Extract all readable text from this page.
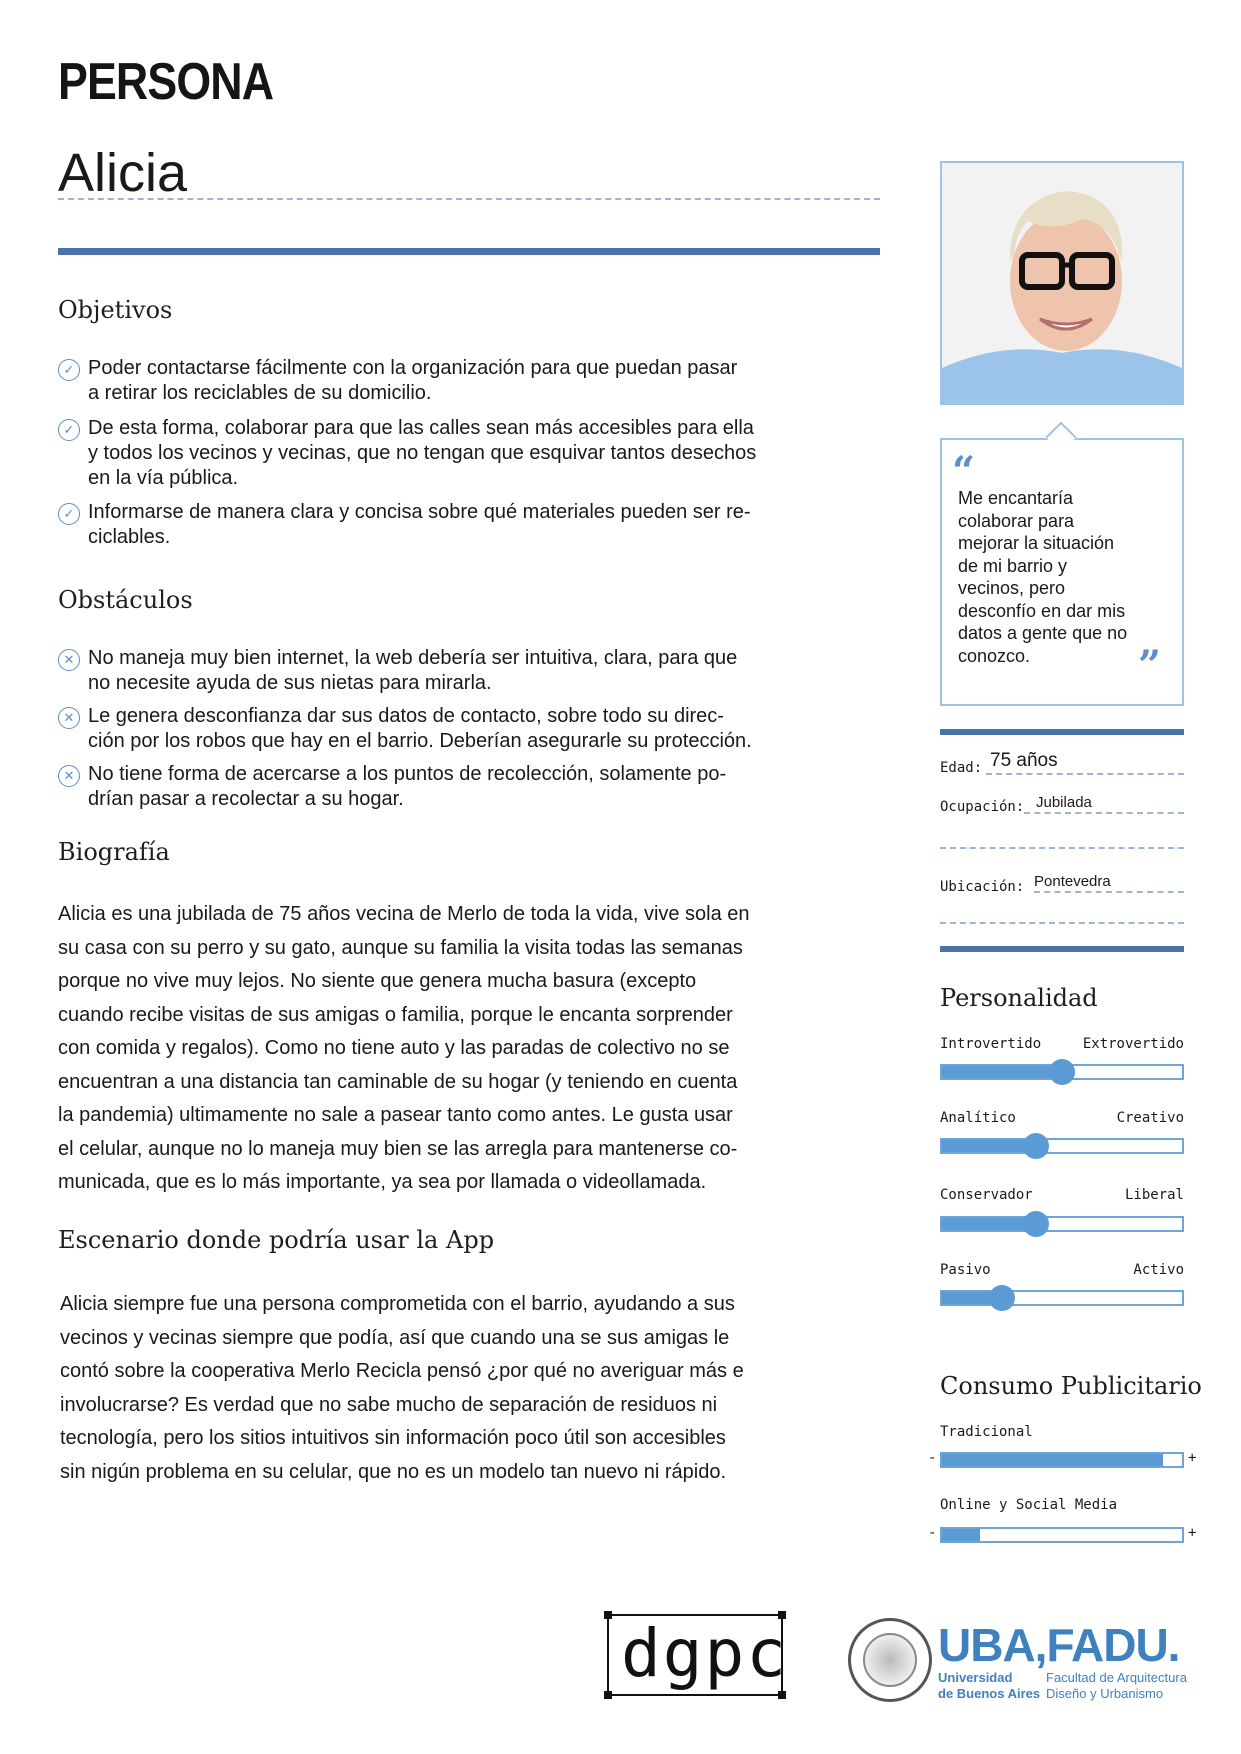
PERSONA
Alicia
Objetivos
✓ Poder contactarse fácilmente con la organización para que puedan pasar
a retirar los reciclables de su domicilio.
✓ De esta forma, colaborar para que las calles sean más accesibles para ella
y todos los vecinos y vecinas, que no tengan que esquivar tantos desechos
en la vía pública.
✓ Informarse de manera clara y concisa sobre qué materiales pueden ser re-
ciclables.
Obstáculos
✕ No maneja muy bien internet, la web debería ser intuitiva, clara, para que
no necesite ayuda de sus nietas para mirarla.
✕ Le genera desconfianza dar sus datos de contacto, sobre todo su direc-
ción por los robos que hay en el barrio. Deberían asegurarle su protección.
✕ No tiene forma de acercarse a los puntos de recolección, solamente po-
drían pasar a recolectar a su hogar.
Biografía
Alicia es una jubilada de 75 años vecina de Merlo de toda la vida, vive sola en
su casa con su perro y su gato, aunque su familia la visita todas las semanas
porque no vive muy lejos. No siente que genera mucha basura (excepto
cuando recibe visitas de sus amigas o familia, porque le encanta sorprender
con comida y regalos). Como no tiene auto y las paradas de colectivo no se
encuentran a una distancia tan caminable de su hogar (y teniendo en cuenta
la pandemia) ultimamente no sale a pasear tanto como antes. Le gusta usar
el celular, aunque no lo maneja muy bien se las arregla para mantenerse co-
municada, que es lo más importante, ya sea por llamada o videollamada.
Escenario donde podría usar la App
Alicia siempre fue una persona comprometida con el barrio, ayudando a sus
vecinos y vecinas siempre que podía, así que cuando una se sus amigas le
contó sobre la cooperativa Merlo Recicla pensó ¿por qué no averiguar más e
involucrarse? Es verdad que no sabe mucho de separación de residuos ni
tecnología, pero los sitios intuitivos sin información poco útil son accesibles
sin nigún problema en su celular, que no es un modelo tan nuevo ni rápido.
“
Me encantaría
colaborar para
mejorar la situación
de mi barrio y
vecinos, pero
desconfío en dar mis
datos a gente que no
conozco.	”
Edad: 75 años
Ocupación: Jubilada
Ubicación: Pontevedra
Personalidad
Introvertido	Extrovertido
Analítico	Creativo
Conservador	Liberal
Pasivo	Activo
Consumo Publicitario
Tradicional
-	+
Online y Social Media
-	+
dgpc	UBA,FADU.
Universidad
de Buenos Aires
Facultad de Arquitectura
Diseño y Urbanismo
